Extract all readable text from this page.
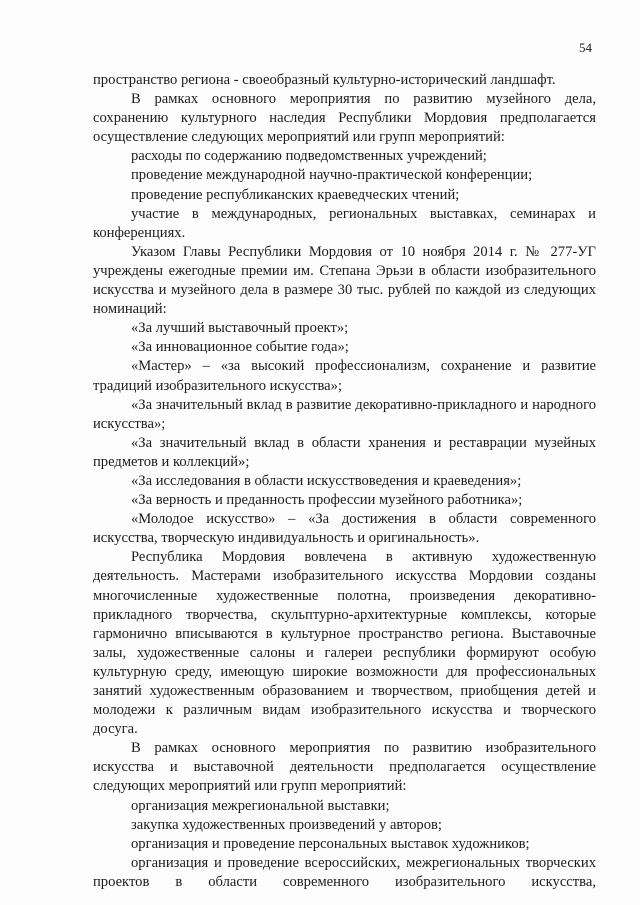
54

пространство региона - своеобразный культурно-исторический ландшафт.

В рамках основного мероприятия по развитию музейного дела, сохранению культурного наследия Республики Мордовия предполагается осуществление следующих мероприятий или групп мероприятий:

расходы по содержанию подведомственных учреждений;

проведение международной научно-практической конференции;

проведение республиканских краеведческих чтений;

участие в международных, региональных выставках, семинарах и конференциях.

Указом Главы Республики Мордовия от 10 ноября 2014 г. № 277-УГ учреждены ежегодные премии им. Степана Эрьзи в области изобразительного искусства и музейного дела в размере 30 тыс. рублей по каждой из следующих номинаций:

«За лучший выставочный проект»;

«За инновационное событие года»;

«Мастер» – «за высокий профессионализм, сохранение и развитие традиций изобразительного искусства»;

«За значительный вклад в развитие декоративно-прикладного и народного искусства»;

«За значительный вклад в области хранения и реставрации музейных предметов и коллекций»;

«За исследования в области искусствоведения и краеведения»;

«За верность и преданность профессии музейного работника»;

«Молодое искусство» – «За достижения в области современного искусства, творческую индивидуальность и оригинальность».

Республика Мордовия вовлечена в активную художественную деятельность. Мастерами изобразительного искусства Мордовии созданы многочисленные художественные полотна, произведения декоративно-прикладного творчества, скульптурно-архитектурные комплексы, которые гармонично вписываются в культурное пространство региона. Выставочные залы, художественные салоны и галереи республики формируют особую культурную среду, имеющую широкие возможности для профессиональных занятий художественным образованием и творчеством, приобщения детей и молодежи к различным видам изобразительного искусства и творческого досуга.

В рамках основного мероприятия по развитию изобразительного искусства и выставочной деятельности предполагается осуществление следующих мероприятий или групп мероприятий:

организация межрегиональной выставки;

закупка художественных произведений у авторов;

организация и проведение персональных выставок художников;

организация и проведение всероссийских, межрегиональных творческих проектов в области современного изобразительного искусства,
